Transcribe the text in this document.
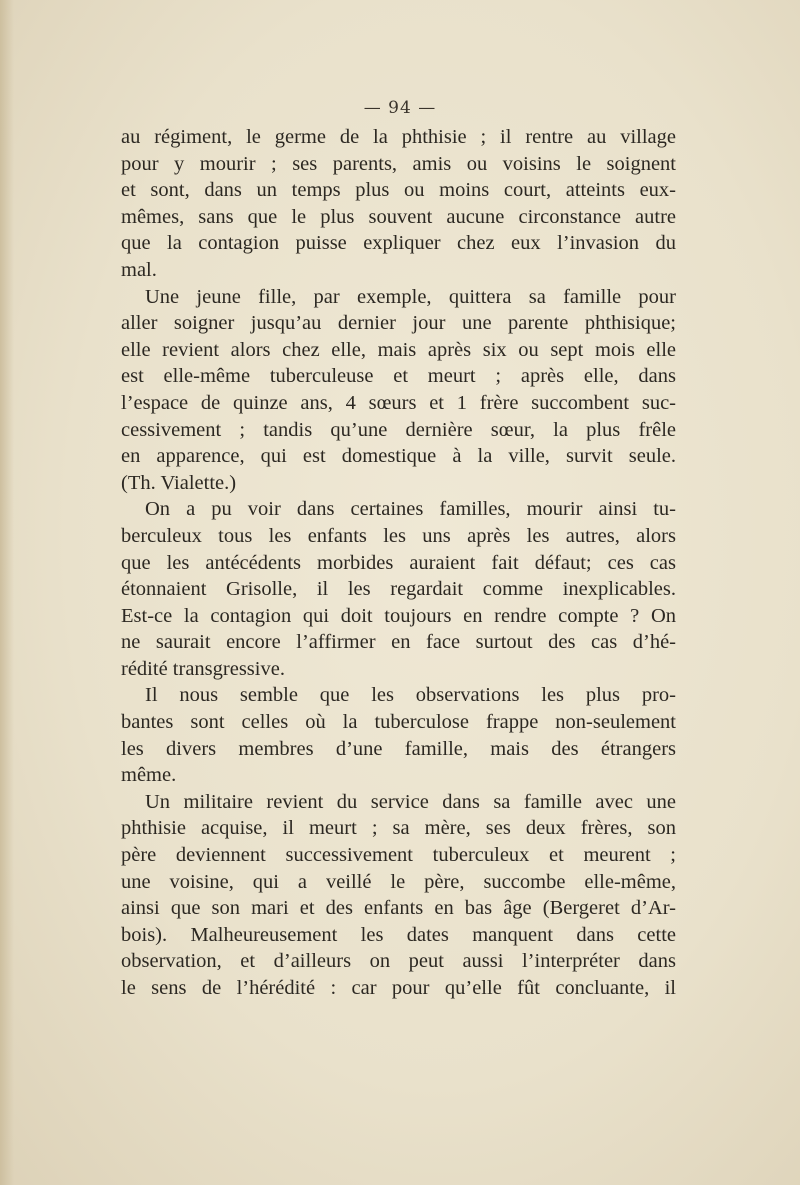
— 94 —
au régiment, le germe de la phthisie ; il rentre au village
pour y mourir ; ses parents, amis ou voisins le soignent
et sont, dans un temps plus ou moins court, atteints eux-
mêmes, sans que le plus souvent aucune circonstance autre
que la contagion puisse expliquer chez eux l’invasion du
mal.
Une jeune fille, par exemple, quittera sa famille pour
aller soigner jusqu’au dernier jour une parente phthisique;
elle revient alors chez elle, mais après six ou sept mois elle
est elle-même tuberculeuse et meurt ; après elle, dans
l’espace de quinze ans, 4 sœurs et 1 frère succombent suc-
cessivement ; tandis qu’une dernière sœur, la plus frêle
en apparence, qui est domestique à la ville, survit seule.
(Th. Vialette.)
On a pu voir dans certaines familles, mourir ainsi tu-
berculeux tous les enfants les uns après les autres, alors
que les antécédents morbides auraient fait défaut; ces cas
étonnaient Grisolle, il les regardait comme inexplicables.
Est-ce la contagion qui doit toujours en rendre compte ? On
ne saurait encore l’affirmer en face surtout des cas d’hé-
rédité transgressive.
Il nous semble que les observations les plus pro-
bantes sont celles où la tuberculose frappe non-seulement
les divers membres d’une famille, mais des étrangers
même.
Un militaire revient du service dans sa famille avec une
phthisie acquise, il meurt ; sa mère, ses deux frères, son
père deviennent successivement tuberculeux et meurent ;
une voisine, qui a veillé le père, succombe elle-même,
ainsi que son mari et des enfants en bas âge (Bergeret d’Ar-
bois). Malheureusement les dates manquent dans cette
observation, et d’ailleurs on peut aussi l’interpréter dans
le sens de l’hérédité : car pour qu’elle fût concluante, il
